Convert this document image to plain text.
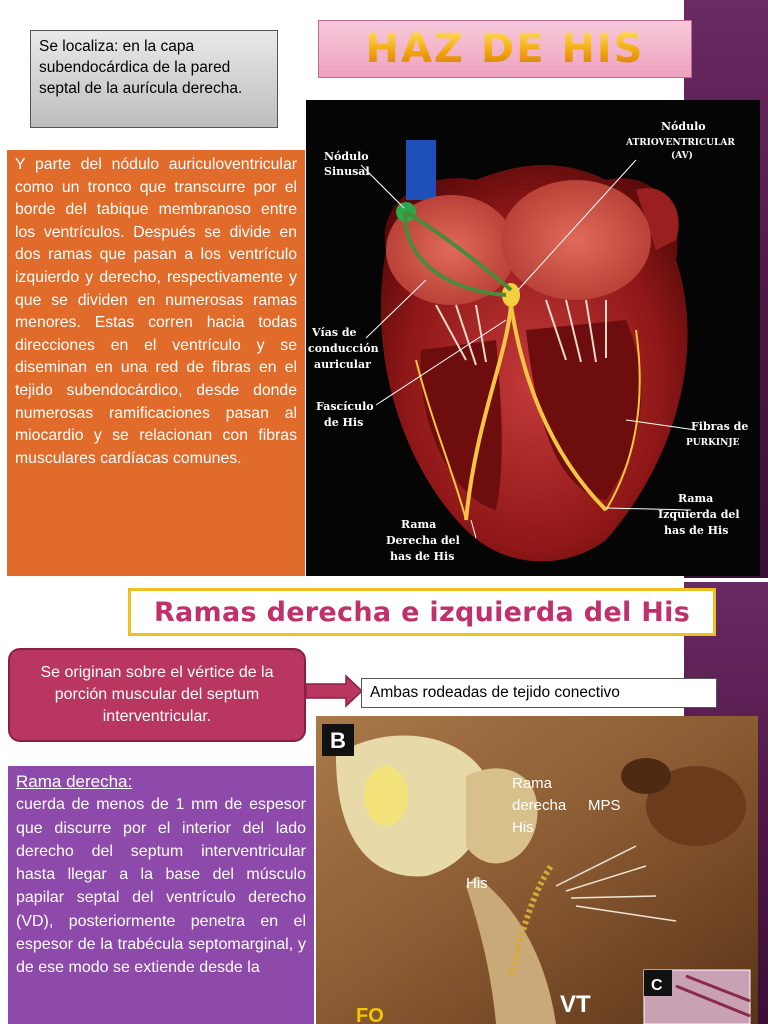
Se localiza: en la capa subendocárdica de la pared septal de la aurícula derecha.
HAZ DE HIS
Y parte del nódulo auriculoventricular como un tronco que transcurre por el borde del tabique membranoso entre los ventrículos. Después se divide en dos ramas que pasan a los ventrículo izquierdo y derecho, respectivamente y que se dividen en numerosas ramas menores. Estas corren hacia todas direcciones en el ventrículo y se diseminan en una red de fibras en el tejido subendocárdico, desde donde numerosas ramificaciones pasan al miocardio y se relacionan con fibras musculares cardíacas comunes.
Nódulo
Sinusal
Nódulo
ATRIOVENTRICULAR
(AV)
Vías de
conducción
auricular
Fascículo
de His	Fibras de
PURKINJE
Rama
Izquierda del
has de His
Rama
Derecha del
has de His
Ramas derecha e izquierda del His
Se originan sobre el vértice de la porción muscular del septum interventricular.
Ambas rodeadas de tejido conectivo
Rama derecha:
cuerda de menos de 1 mm de espesor que discurre por el interior del lado derecho del septum interventricular hasta llegar a la base del músculo papilar septal del ventrículo derecho (VD), posteriormente penetra en el espesor de la trabécula septomarginal, y de ese modo se extiende desde la
B
Rama
derecha
His
MPS
His
VT
FO
C
